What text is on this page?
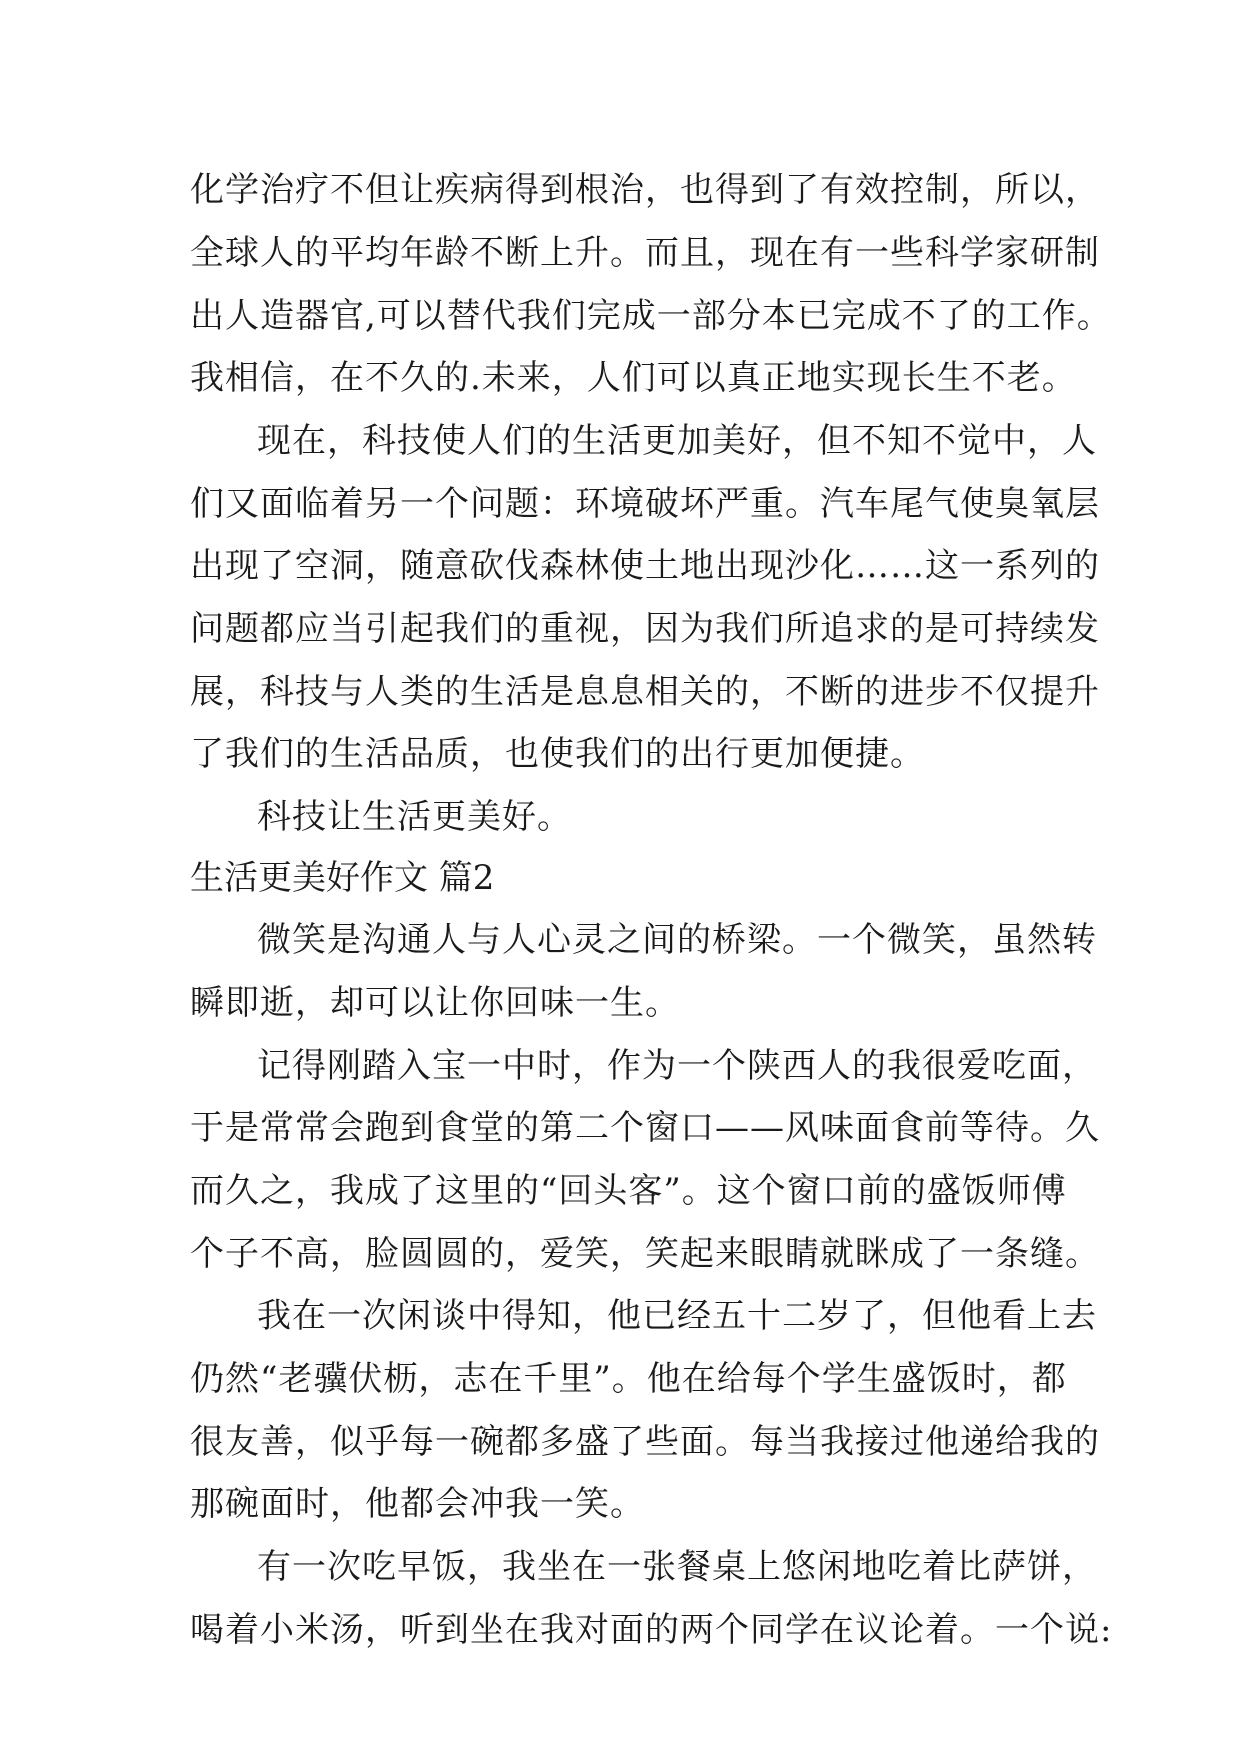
化学治疗不但让疾病得到根治，也得到了有效控制，所以，
全球人的平均年龄不断上升。而且，现在有一些科学家研制
出人造器官,可以替代我们完成一部分本已完成不了的工作。
我相信，在不久的.未来，人们可以真正地实现长生不老。
现在，科技使人们的生活更加美好，但不知不觉中，人
们又面临着另一个问题：环境破坏严重。汽车尾气使臭氧层
出现了空洞，随意砍伐森林使土地出现沙化……这一系列的
问题都应当引起我们的重视，因为我们所追求的是可持续发
展，科技与人类的生活是息息相关的，不断的进步不仅提升
了我们的生活品质，也使我们的出行更加便捷。
科技让生活更美好。
生活更美好作文 篇2
微笑是沟通人与人心灵之间的桥梁。一个微笑，虽然转
瞬即逝，却可以让你回味一生。
记得刚踏入宝一中时，作为一个陕西人的我很爱吃面，
于是常常会跑到食堂的第二个窗口——风味面食前等待。久
而久之，我成了这里的“回头客”。这个窗口前的盛饭师傅
个子不高，脸圆圆的，爱笑，笑起来眼睛就眯成了一条缝。
我在一次闲谈中得知，他已经五十二岁了，但他看上去
仍然“老骥伏枥，志在千里”。他在给每个学生盛饭时，都
很友善，似乎每一碗都多盛了些面。每当我接过他递给我的
那碗面时，他都会冲我一笑。
有一次吃早饭，我坐在一张餐桌上悠闲地吃着比萨饼，
喝着小米汤，听到坐在我对面的两个同学在议论着。一个说:
